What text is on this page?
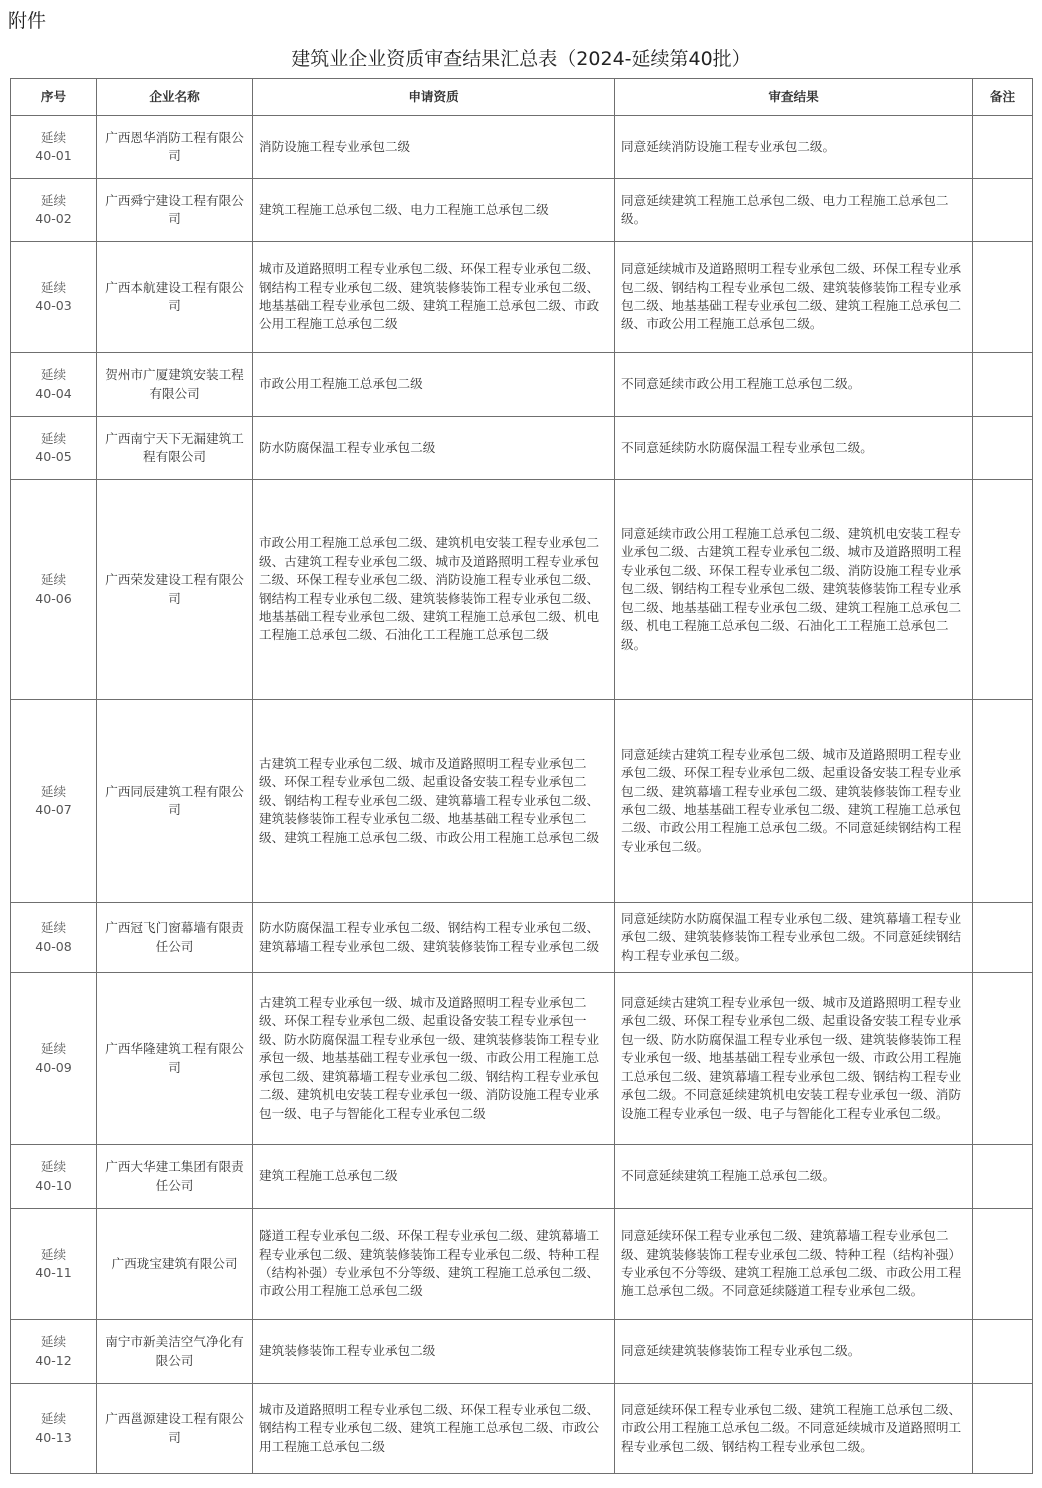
附件
建筑业企业资质审查结果汇总表（2024-延续第40批）
序号	企业名称	申请资质	审查结果	备注
延续
40-01	广西恩华消防工程有限公司	消防设施工程专业承包二级	同意延续消防设施工程专业承包二级。	
延续
40-02	广西舜宁建设工程有限公司	建筑工程施工总承包二级、电力工程施工总承包二级	同意延续建筑工程施工总承包二级、电力工程施工总承包二级。	
延续
40-03	广西本航建设工程有限公司	城市及道路照明工程专业承包二级、环保工程专业承包二级、钢结构工程专业承包二级、建筑装修装饰工程专业承包二级、地基基础工程专业承包二级、建筑工程施工总承包二级、市政公用工程施工总承包二级	同意延续城市及道路照明工程专业承包二级、环保工程专业承包二级、钢结构工程专业承包二级、建筑装修装饰工程专业承包二级、地基基础工程专业承包二级、建筑工程施工总承包二级、市政公用工程施工总承包二级。	
延续
40-04	贺州市广厦建筑安装工程有限公司	市政公用工程施工总承包二级	不同意延续市政公用工程施工总承包二级。	
延续
40-05	广西南宁天下无漏建筑工程有限公司	防水防腐保温工程专业承包二级	不同意延续防水防腐保温工程专业承包二级。	
延续
40-06	广西荣发建设工程有限公司	市政公用工程施工总承包二级、建筑机电安装工程专业承包二级、古建筑工程专业承包二级、城市及道路照明工程专业承包二级、环保工程专业承包二级、消防设施工程专业承包二级、钢结构工程专业承包二级、建筑装修装饰工程专业承包二级、地基基础工程专业承包二级、建筑工程施工总承包二级、机电工程施工总承包二级、石油化工工程施工总承包二级	同意延续市政公用工程施工总承包二级、建筑机电安装工程专业承包二级、古建筑工程专业承包二级、城市及道路照明工程专业承包二级、环保工程专业承包二级、消防设施工程专业承包二级、钢结构工程专业承包二级、建筑装修装饰工程专业承包二级、地基基础工程专业承包二级、建筑工程施工总承包二级、机电工程施工总承包二级、石油化工工程施工总承包二级。	
延续
40-07	广西同辰建筑工程有限公司	古建筑工程专业承包二级、城市及道路照明工程专业承包二级、环保工程专业承包二级、起重设备安装工程专业承包二级、钢结构工程专业承包二级、建筑幕墙工程专业承包二级、建筑装修装饰工程专业承包二级、地基基础工程专业承包二级、建筑工程施工总承包二级、市政公用工程施工总承包二级	同意延续古建筑工程专业承包二级、城市及道路照明工程专业承包二级、环保工程专业承包二级、起重设备安装工程专业承包二级、建筑幕墙工程专业承包二级、建筑装修装饰工程专业承包二级、地基基础工程专业承包二级、建筑工程施工总承包二级、市政公用工程施工总承包二级。不同意延续钢结构工程专业承包二级。	
延续
40-08	广西冠飞门窗幕墙有限责任公司	防水防腐保温工程专业承包二级、钢结构工程专业承包二级、建筑幕墙工程专业承包二级、建筑装修装饰工程专业承包二级	同意延续防水防腐保温工程专业承包二级、建筑幕墙工程专业承包二级、建筑装修装饰工程专业承包二级。不同意延续钢结构工程专业承包二级。	
延续
40-09	广西华隆建筑工程有限公司	古建筑工程专业承包一级、城市及道路照明工程专业承包二级、环保工程专业承包二级、起重设备安装工程专业承包一级、防水防腐保温工程专业承包一级、建筑装修装饰工程专业承包一级、地基基础工程专业承包一级、市政公用工程施工总承包二级、建筑幕墙工程专业承包二级、钢结构工程专业承包二级、建筑机电安装工程专业承包一级、消防设施工程专业承包一级、电子与智能化工程专业承包二级	同意延续古建筑工程专业承包一级、城市及道路照明工程专业承包二级、环保工程专业承包二级、起重设备安装工程专业承包一级、防水防腐保温工程专业承包一级、建筑装修装饰工程专业承包一级、地基基础工程专业承包一级、市政公用工程施工总承包二级、建筑幕墙工程专业承包二级、钢结构工程专业承包二级。不同意延续建筑机电安装工程专业承包一级、消防设施工程专业承包一级、电子与智能化工程专业承包二级。	
延续
40-10	广西大华建工集团有限责任公司	建筑工程施工总承包二级	不同意延续建筑工程施工总承包二级。	
延续
40-11	广西珑宝建筑有限公司	隧道工程专业承包二级、环保工程专业承包二级、建筑幕墙工程专业承包二级、建筑装修装饰工程专业承包二级、特种工程（结构补强）专业承包不分等级、建筑工程施工总承包二级、市政公用工程施工总承包二级	同意延续环保工程专业承包二级、建筑幕墙工程专业承包二级、建筑装修装饰工程专业承包二级、特种工程（结构补强）专业承包不分等级、建筑工程施工总承包二级、市政公用工程施工总承包二级。不同意延续隧道工程专业承包二级。	
延续
40-12	南宁市新美洁空气净化有限公司	建筑装修装饰工程专业承包二级	同意延续建筑装修装饰工程专业承包二级。	
延续
40-13	广西邕源建设工程有限公司	城市及道路照明工程专业承包二级、环保工程专业承包二级、钢结构工程专业承包二级、建筑工程施工总承包二级、市政公用工程施工总承包二级	同意延续环保工程专业承包二级、建筑工程施工总承包二级、市政公用工程施工总承包二级。不同意延续城市及道路照明工程专业承包二级、钢结构工程专业承包二级。	
